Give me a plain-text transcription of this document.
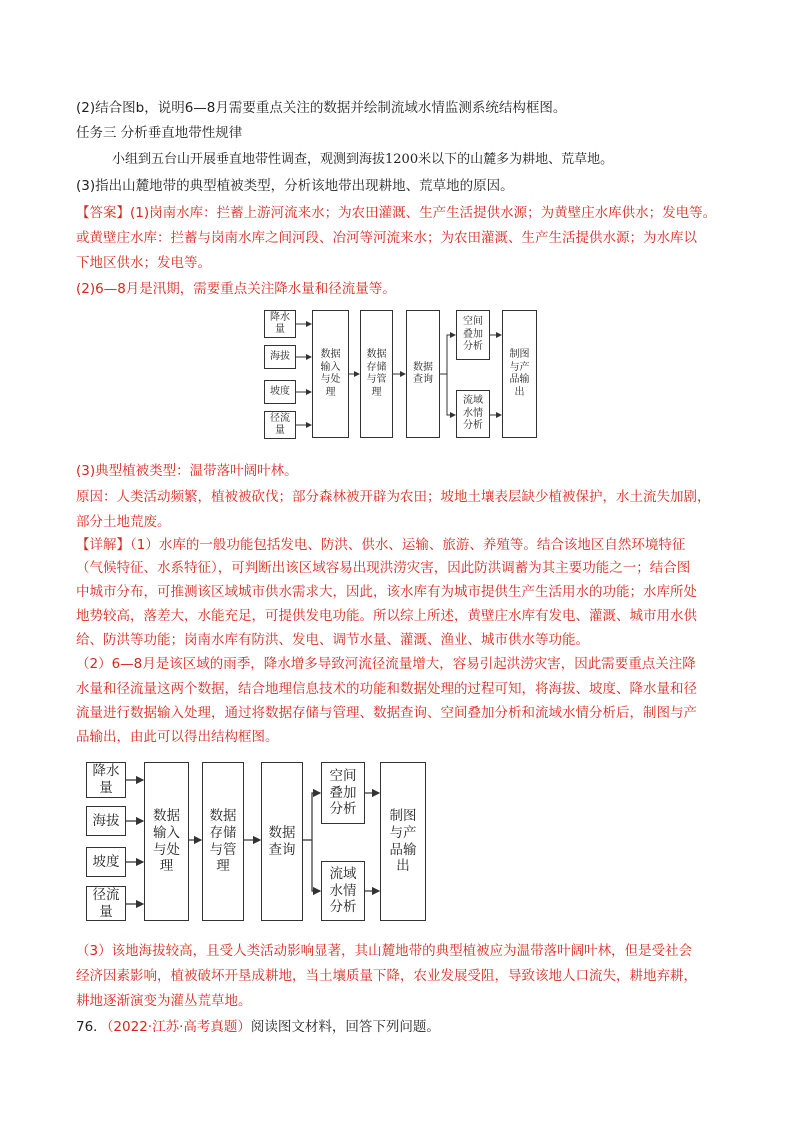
(2)结合图b，说明6—8月需要重点关注的数据并绘制流域水情监测系统结构框图。
任务三 分析垂直地带性规律
小组到五台山开展垂直地带性调查，观测到海拔1200米以下的山麓多为耕地、荒草地。
(3)指出山麓地带的典型植被类型，分析该地带出现耕地、荒草地的原因。
【答案】(1)岗南水库：拦蓄上游河流来水；为农田灌溉、生产生活提供水源；为黄壁庄水库供水；发电等。
或黄壁庄水库：拦蓄与岗南水库之间河段、冶河等河流来水；为农田灌溉、生产生活提供水源；为水库以
下地区供水；发电等。
(2)6—8月是汛期，需要重点关注降水量和径流量等。
降水
量
海拔
坡度
径流
量
数据
输入
与处
理
数据
存储
与管
理
数据
查询
空间
叠加
分析
流域
水情
分析
制图
与产
品输
出
(3)典型植被类型：温带落叶阔叶林。
原因：人类活动频繁，植被被砍伐；部分森林被开辟为农田；坡地土壤表层缺少植被保护，水土流失加剧，
部分土地荒废。
【详解】（1）水库的一般功能包括发电、防洪、供水、运输、旅游、养殖等。结合该地区自然环境特征
（气候特征、水系特征），可判断出该区域容易出现洪涝灾害，因此防洪调蓄为其主要功能之一；结合图
中城市分布，可推测该区域城市供水需求大，因此，该水库有为城市提供生产生活用水的功能；水库所处
地势较高，落差大，水能充足，可提供发电功能。所以综上所述，黄壁庄水库有发电、灌溉、城市用水供
给、防洪等功能；岗南水库有防洪、发电、调节水量、灌溉、渔业、城市供水等功能。
（2）6—8月是该区域的雨季，降水增多导致河流径流量增大，容易引起洪涝灾害，因此需要重点关注降
水量和径流量这两个数据，结合地理信息技术的功能和数据处理的过程可知，将海拔、坡度、降水量和径
流量进行数据输入处理，通过将数据存储与管理、数据查询、空间叠加分析和流域水情分析后，制图与产
品输出，由此可以得出结构框图。
降水
量
海拔
坡度
径流
量
数据
输入
与处
理
数据
存储
与管
理
数据
查询
空间
叠加
分析
流域
水情
分析
制图
与产
品输
出
（3）该地海拔较高，且受人类活动影响显著，其山麓地带的典型植被应为温带落叶阔叶林，但是受社会
经济因素影响，植被破坏开垦成耕地，当土壤质量下降，农业发展受阻，导致该地人口流失，耕地弃耕，
耕地逐渐演变为灌丛荒草地。
76．（2022·江苏·高考真题）阅读图文材料，回答下列问题。
